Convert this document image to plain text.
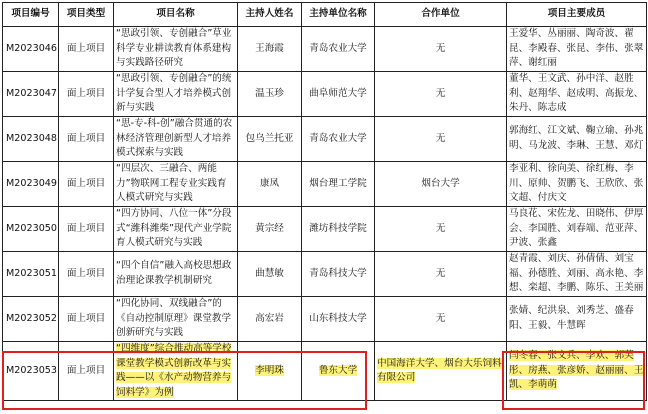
项目编号	项目类型	项目名称	主持人姓名	主持单位名称	合作单位	项目主要成员
M2023046	面上项目	“思政引领、专创融合”草业科学专业耕读教育体系建构与实践路径研究	王海霞	青岛农业大学	无	王爱华、丛丽丽、陶奇波、翟昆、李殿春、张昆、李伟、张翠萍、谢红丽
M2023047	面上项目	“思政引领、专创融合”的统计学复合型人才培养模式创新与实践	温玉珍	曲阜师范大学	无	董华、王文武、孙中洋、赵胜利、赵翔华、赵成明、高振龙、朱丹、陈志成
M2023048	面上项目	“思-专-科-创”融合贯通的农林经济管理创新型人才培养模式探索与实践	包乌兰托亚	青岛农业大学	无	郭海红、江文斌、鞠立瑜、孙兆明、马龙波、李琳、王慧、邓灯
M2023049	面上项目	“四层次、三融合、两能力”物联网工程专业实践育人模式研究与实践	康凤	烟台理工学院	烟台大学	李亚利、徐向美、徐红梅、李川、原帅、贺鹏飞、王欣欣、张文超、付庆文
M2023050	面上项目	“四方协同、八位一体”分段式“潍科潍柴”现代产业学院育人模式研究与实践	黄宗经	潍坊科技学院	无	马良花、宋佐龙、田晓伟、伊厚会、李国胜、刘春端、范亚萍、尹波、张鑫
M2023051	面上项目	“四个自信”融入高校思想政治理论课教学机制研究	曲慧敏	青岛科技大学	无	赵青霞、刘庆、孙倩倩、刘宝福、孙德胜、刘丽、高永艳、李想、栾超、李鹏、陈乐、王美丽
M2023052	面上项目	“四化协同、双线融合”的《自动控制原理》课堂教学创新研究与实践	高宏岩	山东科技大学	无	张婧、纪洪泉、刘秀芝、盛春阳、王毅、牛慧晖
M2023053	面上项目	“四维度”综合推动高等学校课堂教学模式创新改革与实践——以《水产动物营养与饲料学》为例	李明珠	鲁东大学	中国海洋大学、烟台大乐饲料有限公司	闫冬春、张文兵、李欢、郭芙彤、房燕、张彦娇、赵丽丽、王凯、李萌萌
